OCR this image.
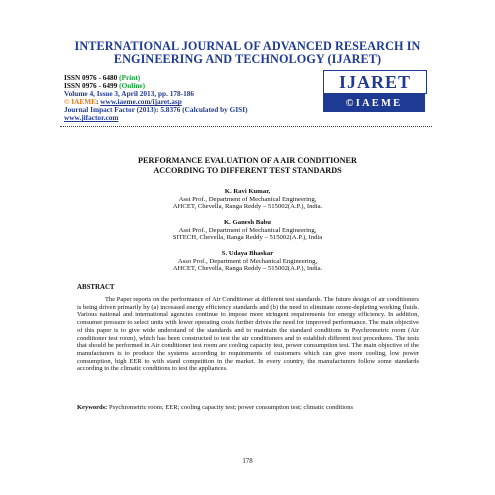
INTERNATIONAL JOURNAL OF ADVANCED RESEARCH IN
ENGINEERING AND TECHNOLOGY (IJARET)
ISSN 0976 - 6480 (Print)
ISSN 0976 - 6499 (Online)
Volume 4, Issue 3, April 2013, pp. 178-186
© IAEME: www.iaeme.com/ijaret.asp
Journal Impact Factor (2013): 5.8376 (Calculated by GISI)
www.jifactor.com
IJARET
©IAEME
PERFORMANCE EVALUATION OF A AIR CONDITIONER
ACCORDING TO DIFFERENT TEST STANDARDS
K. Ravi Kumar,
Asst Prof., Department of Mechanical Engineering,
AHCET, Chevella, Ranga Reddy – 515002(A.P.), India.
K. Ganesh Babu
Asst Prof., Department of Mechanical Engineering,
SITECH, Chevella, Ranga Reddy – 515002(A.P.), India
S. Udaya Bhaskar
Asso Prof., Department of Mechanical Engineering,
AHCET, Chevella, Ranga Reddy – 515002(A.P.), India.
ABSTRACT
The Paper reports on the performance of Air Conditioner at different test standards. The future design of air conditioners is being driven primarily by (a) increased energy efficiency standards and (b) the need to eliminate ozone-depleting working fluids. Various national and international agencies continue to impose more stringent requirements for energy efficiency. In addition, consumer pressure to select units with lower operating costs further drives the need for improved performance. The main objective of this paper is to give wide understand of the standards and to maintain the standard conditions in Psychrometric room (Air conditioner test room), which has been constructed to test the air conditioners and to establish different test procedures. The tests that should be performed in Air conditioner test room are cooling capacity test, power consumption test. The main objective of the manufacturers is to produce the systems according to requirements of customers which can give more cooling, low power consumption, high EER to with stand competition in the market. In every country, the manufacturers follow some standards according to the climatic conditions to test the appliances.
Keywords: Psychrometric room; EER; cooling capacity test; power consumption test; climatic conditions
178
